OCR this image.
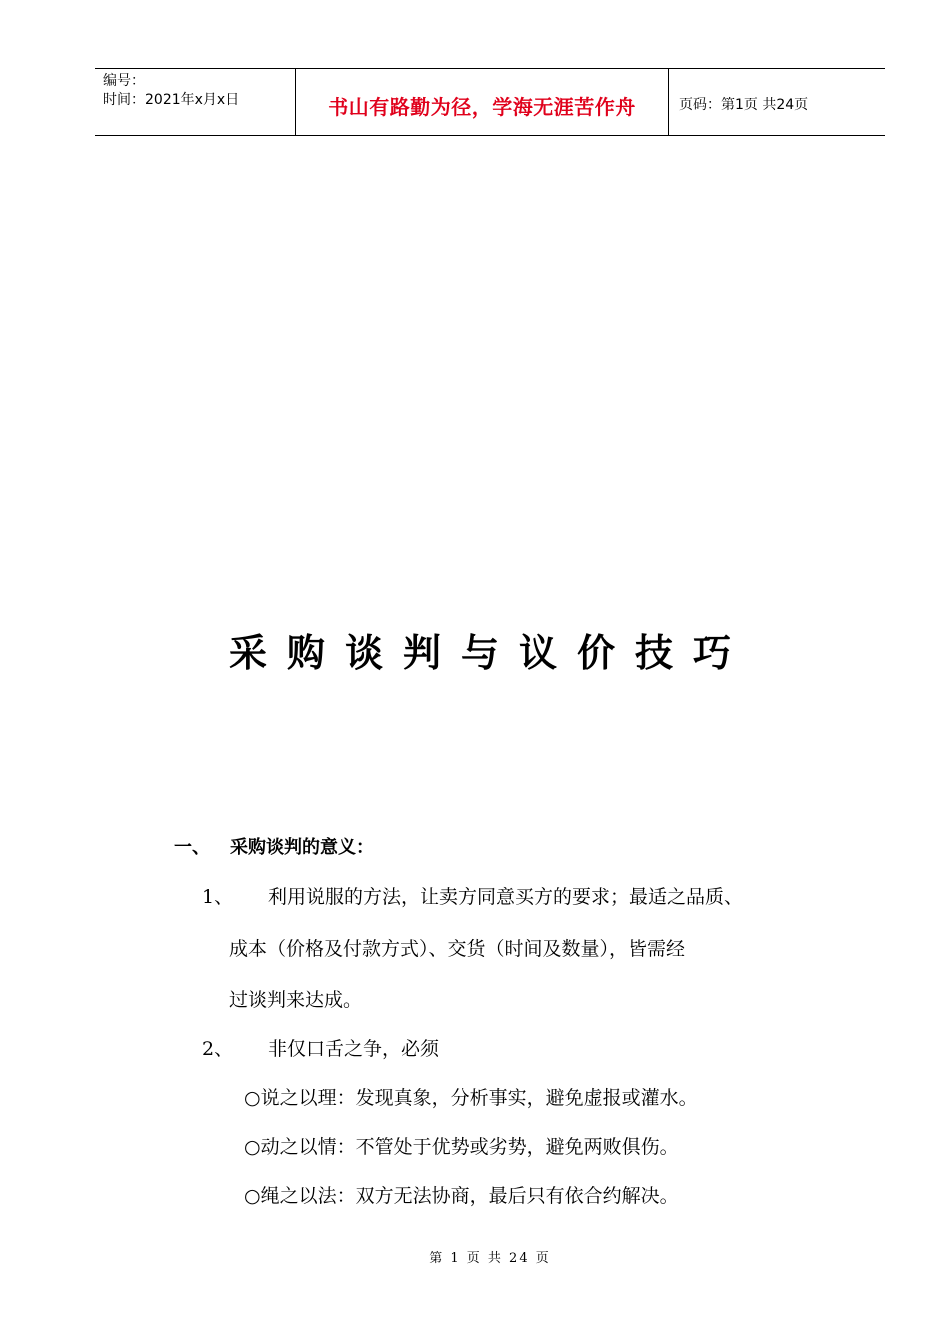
编号：
时间：2021年x月x日	书山有路勤为径，学海无涯苦作舟	页码：第1页 共24页
采购谈判与议价技巧
一、	采购谈判的意义：
1、 利用说服的方法，让卖方同意买方的要求；最适之品质、
成本（价格及付款方式）、交货（时间及数量），皆需经
过谈判来达成。
2、 非仅口舌之争，必须
○说之以理：发现真象，分析事实，避免虚报或灌水。
○动之以情：不管处于优势或劣势，避免两败俱伤。
○绳之以法：双方无法协商，最后只有依合约解决。
第 1 页 共 24 页
